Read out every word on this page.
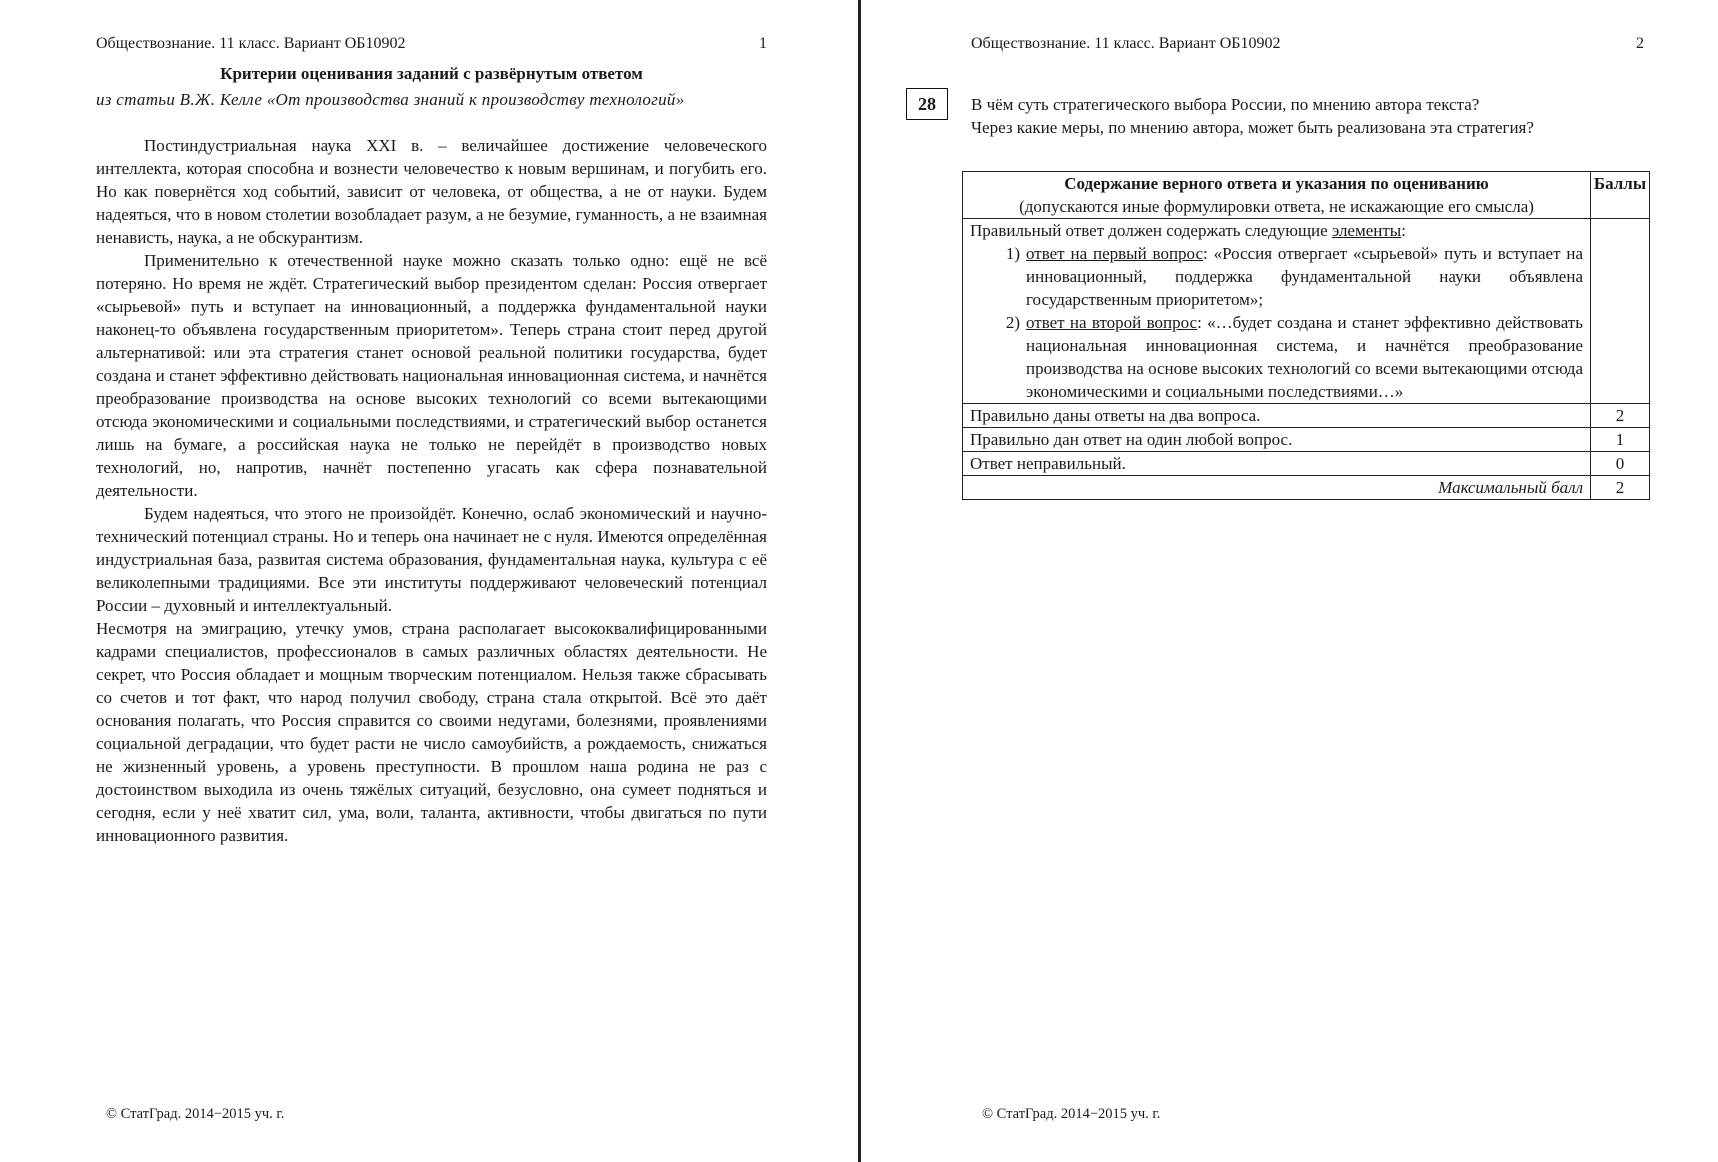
Обществознание. 11 класс. Вариант ОБ10902	1
Критерии оценивания заданий с развёрнутым ответом
из статьи В.Ж. Келле «От производства знаний к производству технологий»

Постиндустриальная наука XXI в. – величайшее достижение человеческого интеллекта, которая способна и вознести человечество к новым вершинам, и погубить его. Но как повернётся ход событий, зависит от человека, от общества, а не от науки. Будем надеяться, что в новом столетии возобладает разум, а не безумие, гуманность, а не взаимная ненависть, наука, а не обскурантизм.

Применительно к отечественной науке можно сказать только одно: ещё не всё потеряно. Но время не ждёт. Стратегический выбор президентом сделан: Россия отвергает «сырьевой» путь и вступает на инновационный, а поддержка фундаментальной науки наконец-то объявлена государственным приоритетом». Теперь страна стоит перед другой альтернативой: или эта стратегия станет основой реальной политики государства, будет создана и станет эффективно действовать национальная инновационная система, и начнётся преобразование производства на основе высоких технологий со всеми вытекающими отсюда экономическими и социальными последствиями, и стратегический выбор останется лишь на бумаге, а российская наука не только не перейдёт в производство новых технологий, но, напротив, начнёт постепенно угасать как сфера познавательной деятельности.

Будем надеяться, что этого не произойдёт. Конечно, ослаб экономический и научно-технический потенциал страны. Но и теперь она начинает не с нуля. Имеются определённая индустриальная база, развитая система образования, фундаментальная наука, культура с её великолепными традициями. Все эти институты поддерживают человеческий потенциал России – духовный и интеллектуальный.

Несмотря на эмиграцию, утечку умов, страна располагает высококвалифицированными кадрами специалистов, профессионалов в самых различных областях деятельности. Не секрет, что Россия обладает и мощным творческим потенциалом. Нельзя также сбрасывать со счетов и тот факт, что народ получил свободу, страна стала открытой. Всё это даёт основания полагать, что Россия справится со своими недугами, болезнями, проявлениями социальной деградации, что будет расти не число самоубийств, а рождаемость, снижаться не жизненный уровень, а уровень преступности. В прошлом наша родина не раз с достоинством выходила из очень тяжёлых ситуаций, безусловно, она сумеет подняться и сегодня, если у неё хватит сил, ума, воли, таланта, активности, чтобы двигаться по пути инновационного развития.

© СтатГрад. 2014−2015 уч. г.
Обществознание. 11 класс. Вариант ОБ10902	2
28	В чём суть стратегического выбора России, по мнению автора текста?
Через какие меры, по мнению автора, может быть реализована эта стратегия?
Содержание верного ответа и указания по оцениванию
(допускаются иные формулировки ответа, не искажающие его смысла)	Баллы

Правильный ответ должен содержать следующие элементы:
1) ответ на первый вопрос: «Россия отвергает «сырьевой» путь и вступает на инновационный, поддержка фундаментальной науки объявлена государственным приоритетом»;
2) ответ на второй вопрос: «…будет создана и станет эффективно действовать национальная инновационная система, и начнётся преобразование производства на основе высоких технологий со всеми вытекающими отсюда экономическими и социальными последствиями…»	

Правильно даны ответы на два вопроса.	2
Правильно дан ответ на один любой вопрос.	1
Ответ неправильный.	0
Максимальный балл	2
© СтатГрад. 2014−2015 уч. г.
